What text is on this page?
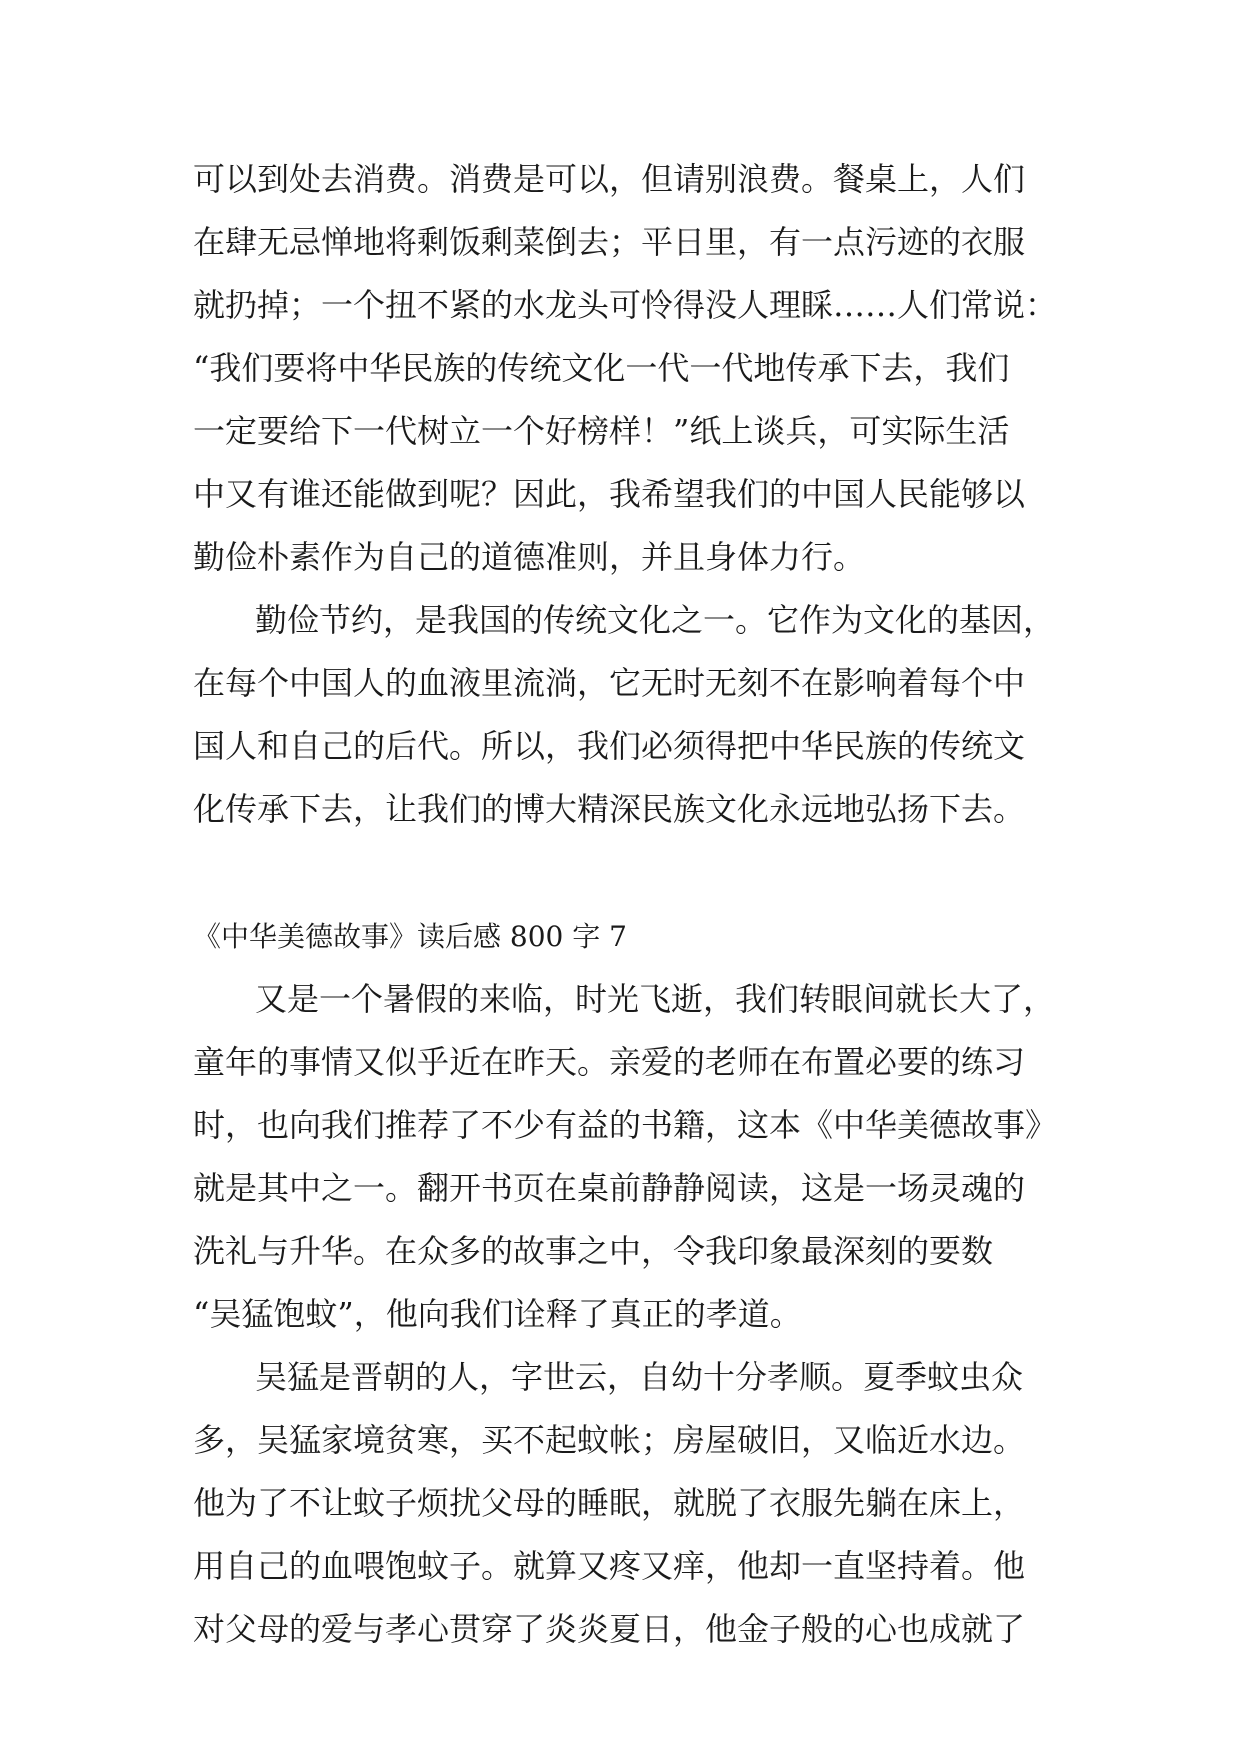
可以到处去消费。消费是可以，但请别浪费。餐桌上，人们
在肆无忌惮地将剩饭剩菜倒去；平日里，有一点污迹的衣服
就扔掉；一个扭不紧的水龙头可怜得没人理睬……人们常说：
“我们要将中华民族的传统文化一代一代地传承下去，我们
一定要给下一代树立一个好榜样！”纸上谈兵，可实际生活
中又有谁还能做到呢？因此，我希望我们的中国人民能够以
勤俭朴素作为自己的道德准则，并且身体力行。
勤俭节约，是我国的传统文化之一。它作为文化的基因，
在每个中国人的血液里流淌，它无时无刻不在影响着每个中
国人和自己的后代。所以，我们必须得把中华民族的传统文
化传承下去，让我们的博大精深民族文化永远地弘扬下去。
《中华美德故事》读后感 800 字 7
又是一个暑假的来临，时光飞逝，我们转眼间就长大了，
童年的事情又似乎近在昨天。亲爱的老师在布置必要的练习
时，也向我们推荐了不少有益的书籍，这本《中华美德故事》
就是其中之一。翻开书页在桌前静静阅读，这是一场灵魂的
洗礼与升华。在众多的故事之中，令我印象最深刻的要数
“吴猛饱蚊”，他向我们诠释了真正的孝道。
吴猛是晋朝的人，字世云，自幼十分孝顺。夏季蚊虫众
多，吴猛家境贫寒，买不起蚊帐；房屋破旧，又临近水边。
他为了不让蚊子烦扰父母的睡眠，就脱了衣服先躺在床上，
用自己的血喂饱蚊子。就算又疼又痒，他却一直坚持着。他
对父母的爱与孝心贯穿了炎炎夏日，他金子般的心也成就了
